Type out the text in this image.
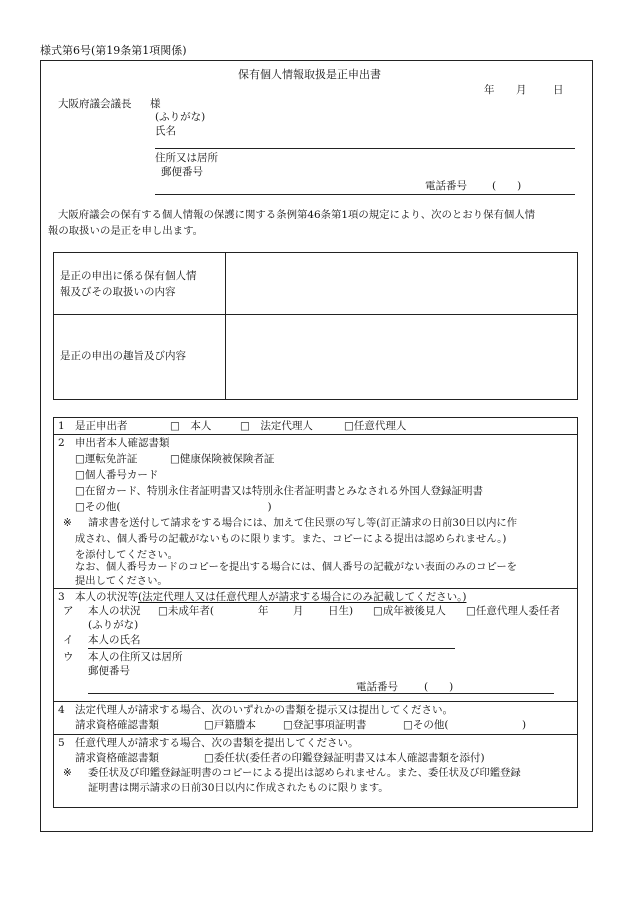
様式第6号(第19条第1項関係)
保有個人情報取扱是正申出書
年 月	日
大阪府議会議長 様
(ふりがな)
氏名
住所又は居所
郵便番号
電話番号 (　　)
大阪府議会の保有する個人情報の保護に関する条例第46条第1項の規定により、次のとおり保有個人情
報の取扱いの是正を申し出ます。
是正の申出に係る保有個人情
報及びその取扱いの内容
是正の申出の趣旨及び内容
1 是正申出者	□　本人	□　法定代理人	□任意代理人
2 申出者本人確認書類
□運転免許証	□健康保険被保険者証
□個人番号カード
□在留カード、特別永住者証明書又は特別永住者証明書とみなされる外国人登録証明書
□その他(　　　　　　　　　　　　　　)
※ 請求書を送付して請求をする場合には、加えて住民票の写し等(訂正請求の日前30日以内に作
成され、個人番号の記載がないものに限ります。また、コピーによる提出は認められません。)
を添付してください。
なお、個人番号カードのコピーを提出する場合には、個人番号の記載がない表面のみのコピーを
提出してください。
3 本人の状況等(法定代理人又は任意代理人が請求する場合にのみ記載してください。)
ア 本人の状況 □未成年者(	年 月 日生) □成年被後見人 □任意代理人委任者
(ふりがな)
イ 本人の氏名
ウ 本人の住所又は居所
郵便番号
電話番号 (　　)
4 法定代理人が請求する場合、次のいずれかの書類を提示又は提出してください。
請求資格確認書類	□戸籍謄本	□登記事項証明書	□その他(　　　　　　　)
5 任意代理人が請求する場合、次の書類を提出してください。
請求資格確認書類	□委任状(委任者の印鑑登録証明書又は本人確認書類を添付)
※ 委任状及び印鑑登録証明書のコピーによる提出は認められません。また、委任状及び印鑑登録
証明書は開示請求の日前30日以内に作成されたものに限ります。
